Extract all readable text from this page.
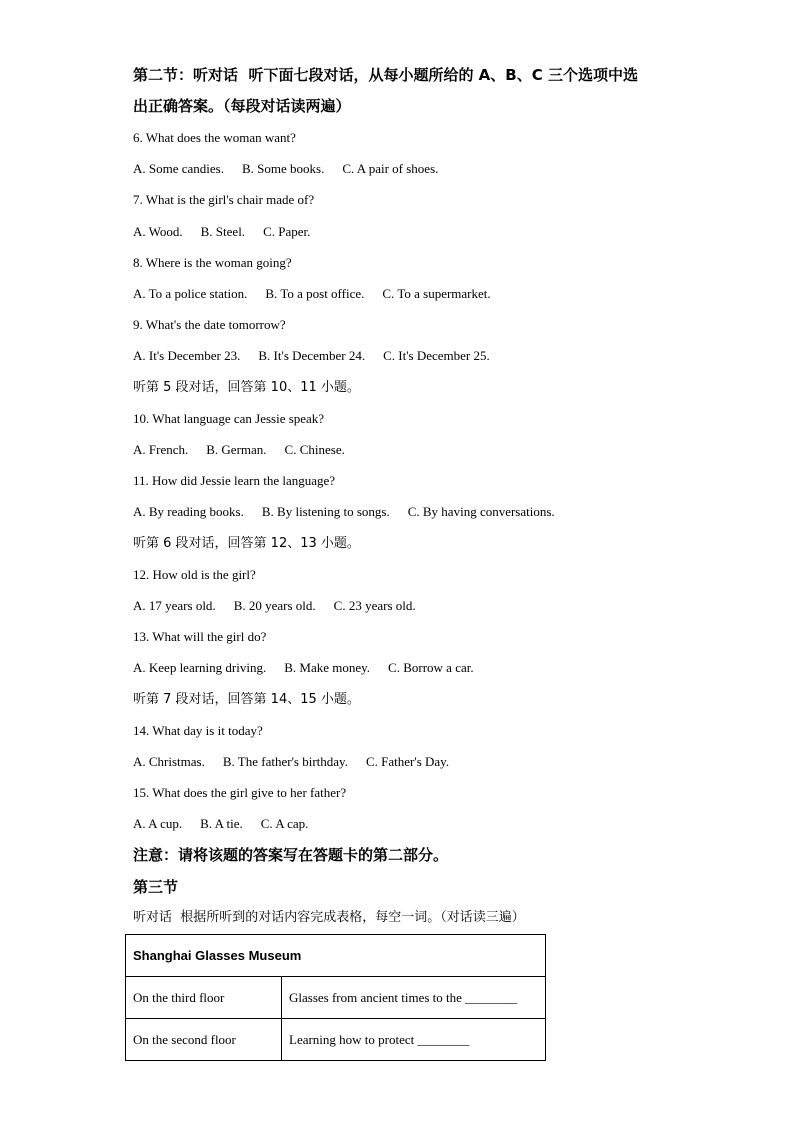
第二节：听对话  听下面七段对话，从每小题所给的 A、B、C 三个选项中选
出正确答案。（每段对话读两遍）
6. What does the woman want?
A. Some candies. B. Some books. C. A pair of shoes.
7. What is the girl's chair made of?
A. Wood. B. Steel. C. Paper.
8. Where is the woman going?
A. To a police station. B. To a post office. C. To a supermarket.
9. What's the date tomorrow?
A. It's December 23. B. It's December 24. C. It's December 25.
听第 5 段对话，回答第 10、11 小题。
10. What language can Jessie speak?
A. French. B. German. C. Chinese.
11. How did Jessie learn the language?
A. By reading books. B. By listening to songs. C. By having conversations.
听第 6 段对话，回答第 12、13 小题。
12. How old is the girl?
A. 17 years old. B. 20 years old. C. 23 years old.
13. What will the girl do?
A. Keep learning driving. B. Make money. C. Borrow a car.
听第 7 段对话，回答第 14、15 小题。
14. What day is it today?
A. Christmas. B. The father's birthday. C. Father's Day.
15. What does the girl give to her father?
A. A cup. B. A tie. C. A cap.
注意：请将该题的答案写在答题卡的第二部分。
第三节
听对话  根据所听到的对话内容完成表格，每空一词。（对话读三遍）
Shanghai Glasses Museum	
On the third floor	Glasses from ancient times to the ________
On the second floor	Learning how to protect ________
